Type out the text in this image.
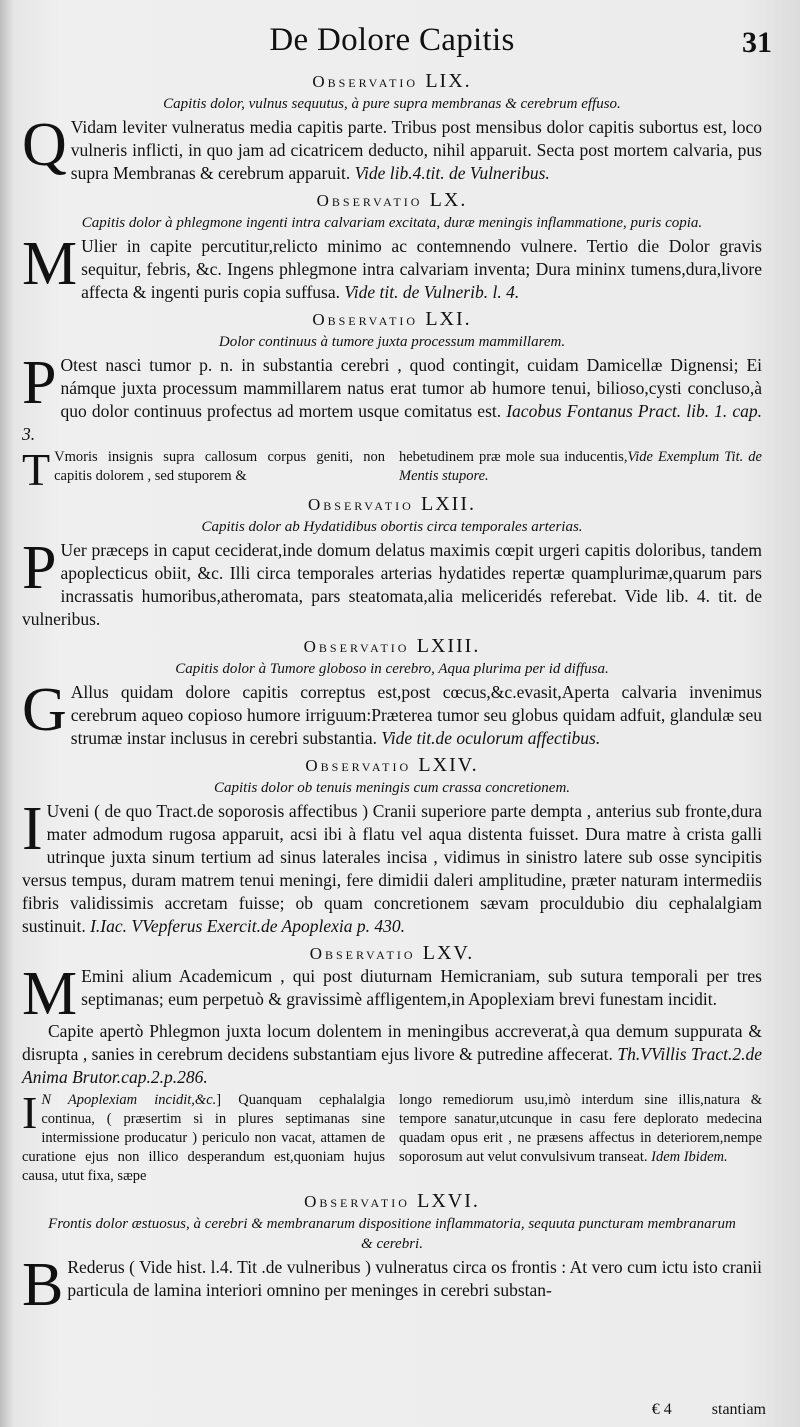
De Dolore Capitis	31
Observatio LIX.
Capitis dolor, vulnus sequutus, à pure supra membranas & cerebrum effuso.

Q Vidam leviter vulneratus media capitis parte. Tribus post mensibus dolor capitis subortus est, loco vulneris inflicti, in quo jam ad cicatricem deducto, nihil apparuit. Secta post mortem calvaria, pus supra Membranas & cerebrum apparuit. Vide lib.4.tit. de Vulneribus.

Observatio LX.
Capitis dolor à phlegmone ingenti intra calvariam excitata, duræ meningis inflammatione, puris copia.

M Ulier in capite percutitur,relicto minimo ac contemnendo vulnere. Tertio die Dolor gravis sequitur, febris, &c. Ingens phlegmone intra calvariam inventa; Dura mininx tumens,dura,livore affecta & ingenti puris copia suffusa. Vide tit. de Vulnerib. l. 4.

Observatio LXI.
Dolor continuus à tumore juxta processum mammillarem.

P Otest nasci tumor p. n. in substantia cerebri , quod contingit, cuidam Damicellæ Dignensi; Ei námque juxta processum mammillarem natus erat tumor ab humore tenui, bilioso,cysti concluso,à quo dolor continuus profectus ad mortem usque comitatus est. Iacobus Fontanus Pract. lib. 1. cap. 3.

T Vmoris insignis supra callosum corpus geniti, non capitis dolorem , sed stuporem &
hebetudinem præ mole sua inducentis,Vide Exemplum Tit. de Mentis stupore.
Observatio LXII.
Capitis dolor ab Hydatidibus obortis circa temporales arterias.

P Uer præceps in caput ceciderat,inde domum delatus maximis cœpit urgeri capitis doloribus, tandem apoplecticus obiit, &c. Illi circa temporales arterias hydatides repertæ quamplurimæ,quarum pars incrassatis humoribus,atheromata, pars steatomata,alia meliceridés referebat. Vide lib. 4. tit. de vulneribus.

Observatio LXIII.
Capitis dolor à Tumore globoso in cerebro, Aqua plurima per id diffusa.

G Allus quidam dolore capitis correptus est,post cœcus,&c.evasit,Aperta calvaria invenimus cerebrum aqueo copioso humore irriguum:Præterea tumor seu globus quidam adfuit, glandulæ seu strumæ instar inclusus in cerebri substantia. Vide tit.de oculorum affectibus.

Observatio LXIV.
Capitis dolor ob tenuis meningis cum crassa concretionem.

I Uveni ( de quo Tract.de soporosis affectibus ) Cranii superiore parte dempta , anterius sub fronte,dura mater admodum rugosa apparuit, acsi ibi à flatu vel aqua distenta fuisset. Dura matre à crista galli utrinque juxta sinum tertium ad sinus laterales incisa , vidimus in sinistro latere sub osse syncipitis versus tempus, duram matrem tenui meningi, fere dimidii daleri amplitudine, præter naturam intermediis fibris validissimis accretam fuisse; ob quam concretionem sævam proculdubio diu cephalalgiam sustinuit. I.Iac. VVepferus Exercit.de Apoplexia p. 430.

Observatio LXV.

M Emini alium Academicum , qui post diuturnam Hemicraniam, sub sutura temporali per tres septimanas; eum perpetuò & gravissimè affligentem,in Apoplexiam brevi funestam incidit.

Capite apertò Phlegmon juxta locum dolentem in meningibus accreverat,à qua demum suppurata & disrupta , sanies in cerebrum decidens substantiam ejus livore & putredine affecerat. Th.VVillis Tract.2.de Anima Brutor.cap.2.p.286.

I N Apoplexiam incidit,&c.] Quanquam cephalalgia continua, ( præsertim si in plures septimanas sine intermissione producatur ) periculo non vacat, attamen de curatione ejus non illico desperandum est,quoniam hujus causa, utut fixa, sæpe
longo remediorum usu,imò interdum sine illis,natura & tempore sanatur,utcunque in casu fere deplorato medecina quadam opus erit , ne præsens affectus in deteriorem,nempe soporosum aut velut convulsivum transeat. Idem Ibidem.
Observatio LXVI.
Frontis dolor æstuosus, à cerebri & membranarum dispositione inflammatoria, sequuta puncturam membranarum & cerebri.

B Rederus ( Vide hist. l.4. Tit .de vulneribus ) vulneratus circa os frontis : At vero cum ictu isto cranii particula de lamina interiori omnino per meninges in cerebri substan-

€ 4	stantiam
